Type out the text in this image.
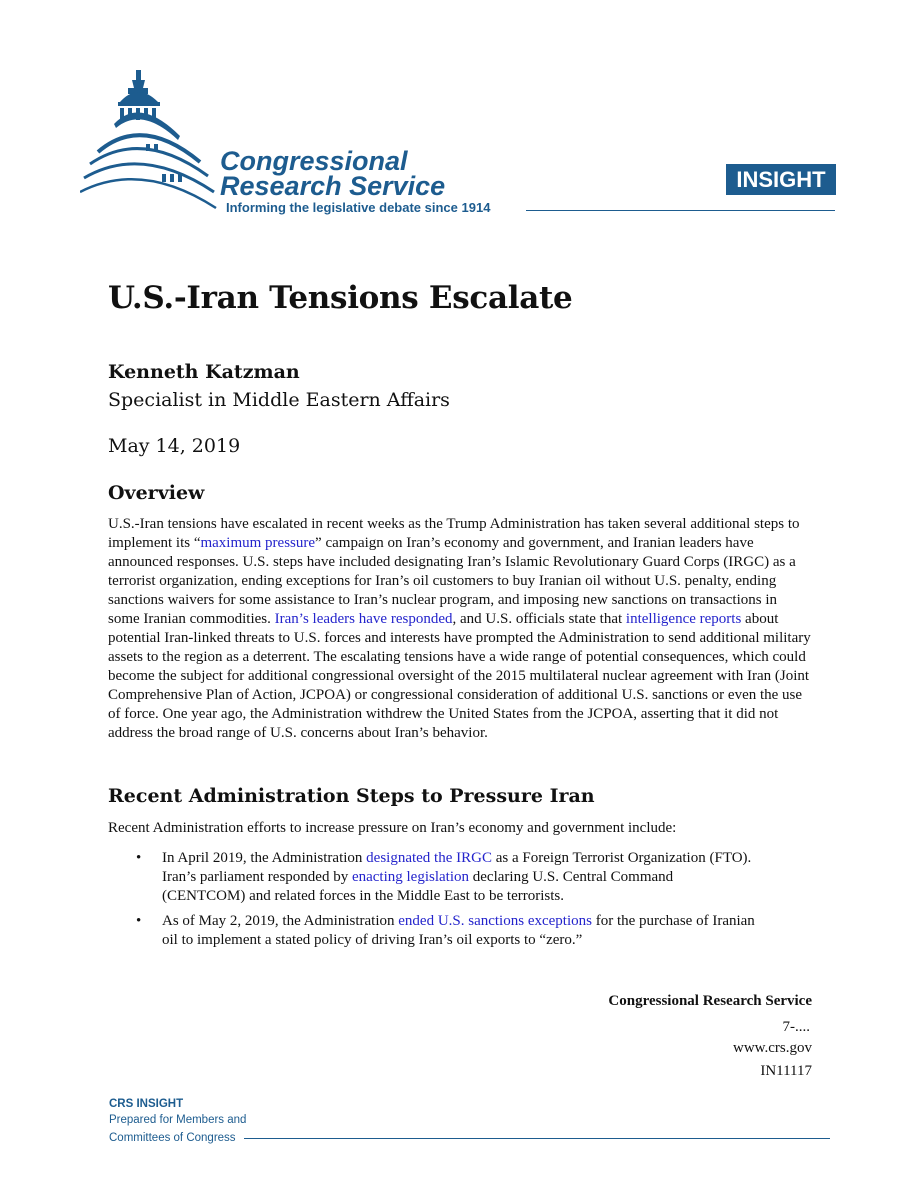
Congressional
Research Service
Informing the legislative debate since 1914
INSIGHT
U.S.-Iran Tensions Escalate
Kenneth Katzman
Specialist in Middle Eastern Affairs
May 14, 2019
Overview

U.S.-Iran tensions have escalated in recent weeks as the Trump Administration has taken several additional steps to implement its “maximum pressure” campaign on Iran’s economy and government, and Iranian leaders have announced responses. U.S. steps have included designating Iran’s Islamic Revolutionary Guard Corps (IRGC) as a terrorist organization, ending exceptions for Iran’s oil customers to buy Iranian oil without U.S. penalty, ending sanctions waivers for some assistance to Iran’s nuclear program, and imposing new sanctions on transactions in some Iranian commodities. Iran’s leaders have responded, and U.S. officials state that intelligence reports about potential Iran-linked threats to U.S. forces and interests have prompted the Administration to send additional military assets to the region as a deterrent. The escalating tensions have a wide range of potential consequences, which could become the subject for additional congressional oversight of the 2015 multilateral nuclear agreement with Iran (Joint Comprehensive Plan of Action, JCPOA) or congressional consideration of additional U.S. sanctions or even the use of force. One year ago, the Administration withdrew the United States from the JCPOA, asserting that it did not address the broad range of U.S. concerns about Iran’s behavior.

Recent Administration Steps to Pressure Iran

Recent Administration efforts to increase pressure on Iran’s economy and government include:

• In April 2019, the Administration designated the IRGC as a Foreign Terrorist Organization (FTO). Iran’s parliament responded by enacting legislation declaring U.S. Central Command (CENTCOM) and related forces in the Middle East to be terrorists.
• As of May 2, 2019, the Administration ended U.S. sanctions exceptions for the purchase of Iranian oil to implement a stated policy of driving Iran’s oil exports to “zero.”
Congressional Research Service
7-....
www.crs.gov
IN11117
CRS INSIGHT
Prepared for Members and
Committees of Congress
